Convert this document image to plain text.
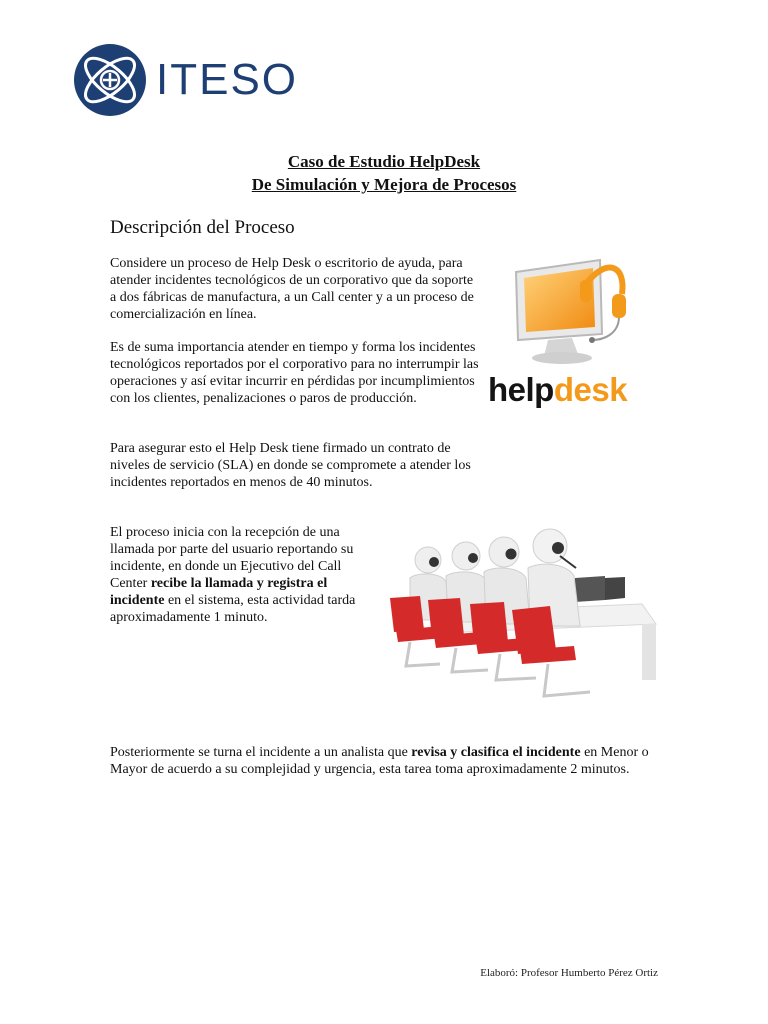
ITESO
Caso de Estudio HelpDesk
De Simulación y Mejora de Procesos
Descripción del Proceso

Considere un proceso de Help Desk o escritorio de ayuda, para atender incidentes tecnológicos de un corporativo que da soporte a dos fábricas de manufactura, a un Call center y a un proceso de comercialización en línea.

Es de suma importancia atender en tiempo y forma los incidentes tecnológicos reportados por el corporativo para no interrumpir las operaciones y así evitar incurrir en pérdidas por incumplimientos con los clientes, penalizaciones o paros de producción.

Para asegurar esto el Help Desk tiene firmado un contrato de niveles de servicio (SLA) en donde se compromete a atender los incidentes reportados en menos de 40 minutos.

El proceso inicia con la recepción de una llamada por parte del usuario reportando su incidente, en donde un Ejecutivo del Call Center recibe la llamada y registra el incidente en el sistema, esta actividad tarda aproximadamente 1 minuto.

Posteriormente se turna el incidente a un analista que revisa y clasifica el incidente en Menor o Mayor de acuerdo a su complejidad y urgencia, esta tarea toma aproximadamente 2 minutos.

helpdesk
Elaboró: Profesor Humberto Pérez Ortiz
